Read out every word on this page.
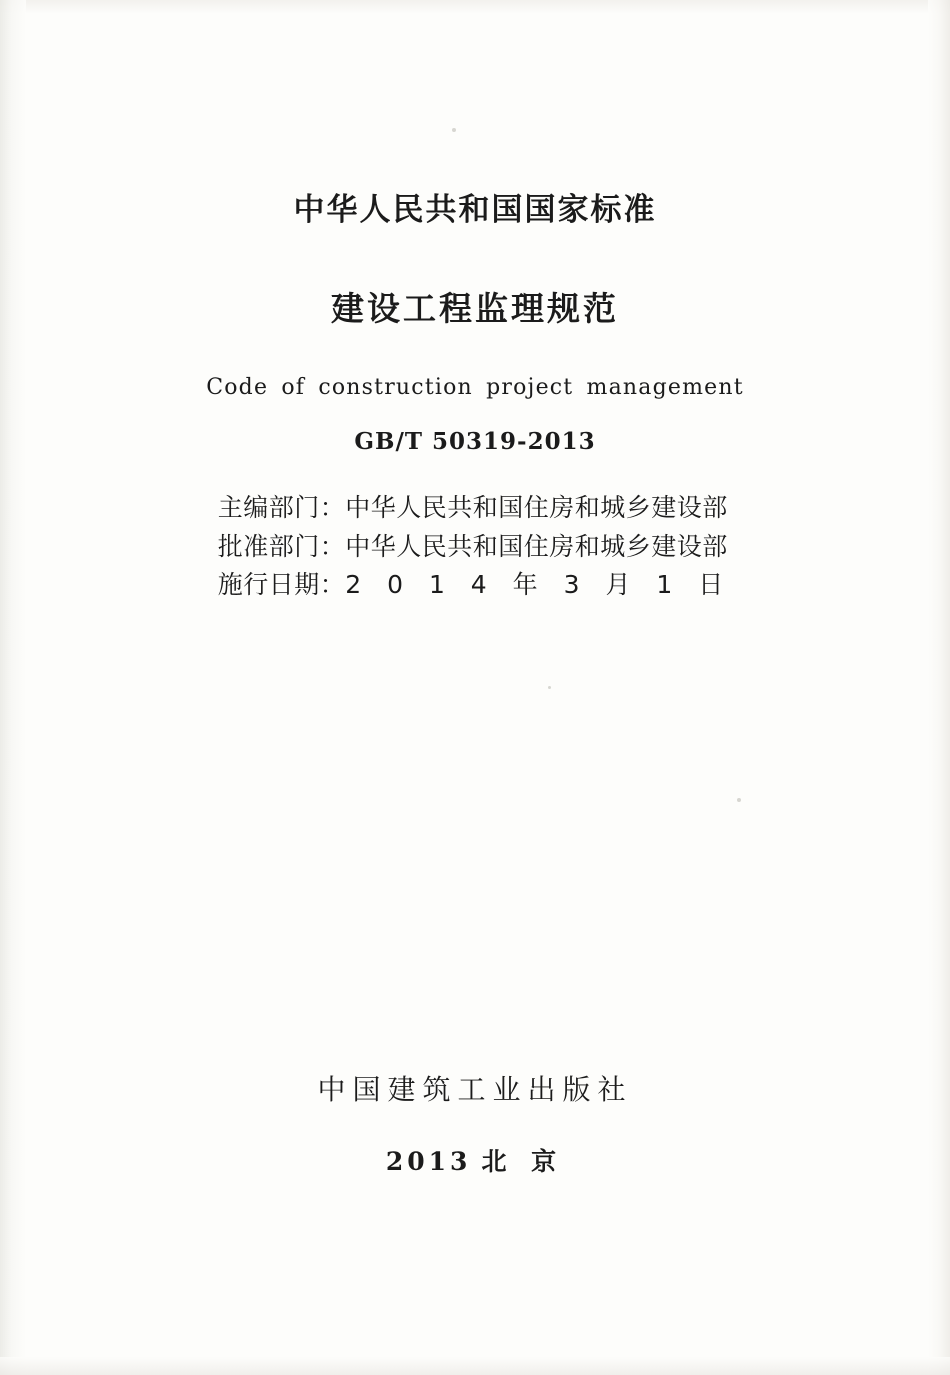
中华人民共和国国家标准
建设工程监理规范
Code of construction project management
GB/T 50319-2013
主编部门：中华人民共和国住房和城乡建设部
批准部门：中华人民共和国住房和城乡建设部
施行日期：2 0 1 4 年 3 月 1 日
中国建筑工业出版社
2013 北 京
